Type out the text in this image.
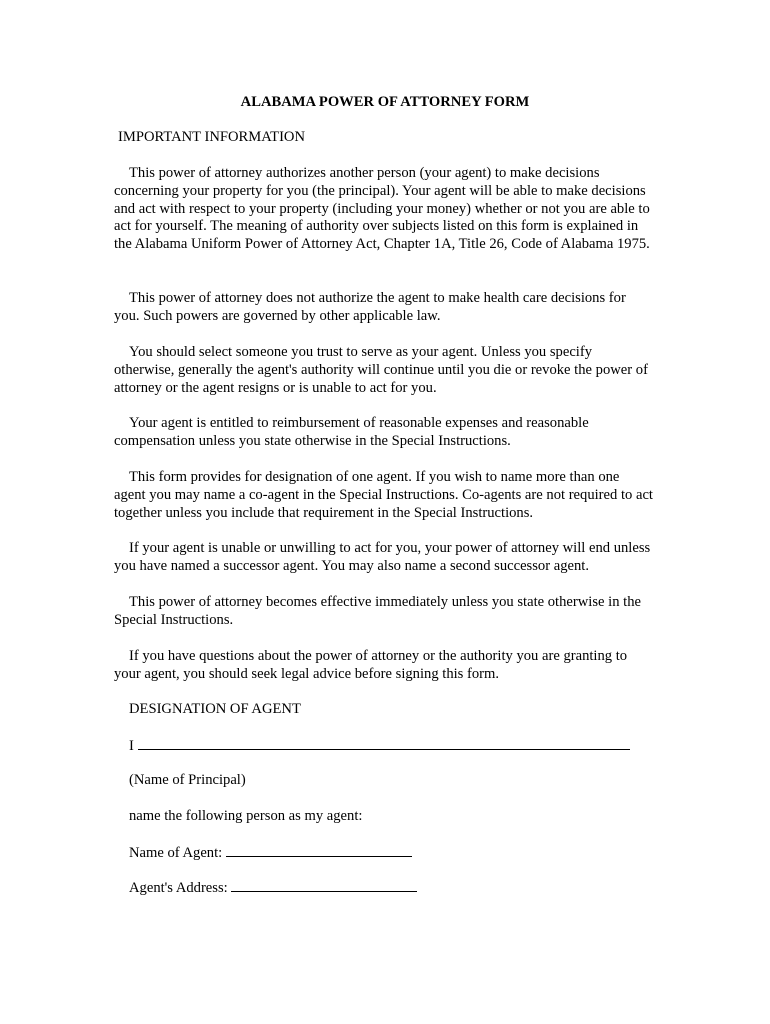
ALABAMA POWER OF ATTORNEY FORM

IMPORTANT INFORMATION

This power of attorney authorizes another person (your agent) to make decisions concerning your property for you (the principal). Your agent will be able to make decisions and act with respect to your property (including your money) whether or not you are able to act for yourself. The meaning of authority over subjects listed on this form is explained in the Alabama Uniform Power of Attorney Act, Chapter 1A, Title 26, Code of Alabama 1975.

This power of attorney does not authorize the agent to make health care decisions for you. Such powers are governed by other applicable law.

You should select someone you trust to serve as your agent. Unless you specify otherwise, generally the agent's authority will continue until you die or revoke the power of attorney or the agent resigns or is unable to act for you.

Your agent is entitled to reimbursement of reasonable expenses and reasonable compensation unless you state otherwise in the Special Instructions.

This form provides for designation of one agent. If you wish to name more than one agent you may name a co-agent in the Special Instructions. Co-agents are not required to act together unless you include that requirement in the Special Instructions.

If your agent is unable or unwilling to act for you, your power of attorney will end unless you have named a successor agent. You may also name a second successor agent.

This power of attorney becomes effective immediately unless you state otherwise in the Special Instructions.

If you have questions about the power of attorney or the authority you are granting to your agent, you should seek legal advice before signing this form.

DESIGNATION OF AGENT

I

(Name of Principal)

name the following person as my agent:

Name of Agent:

Agent's Address:
